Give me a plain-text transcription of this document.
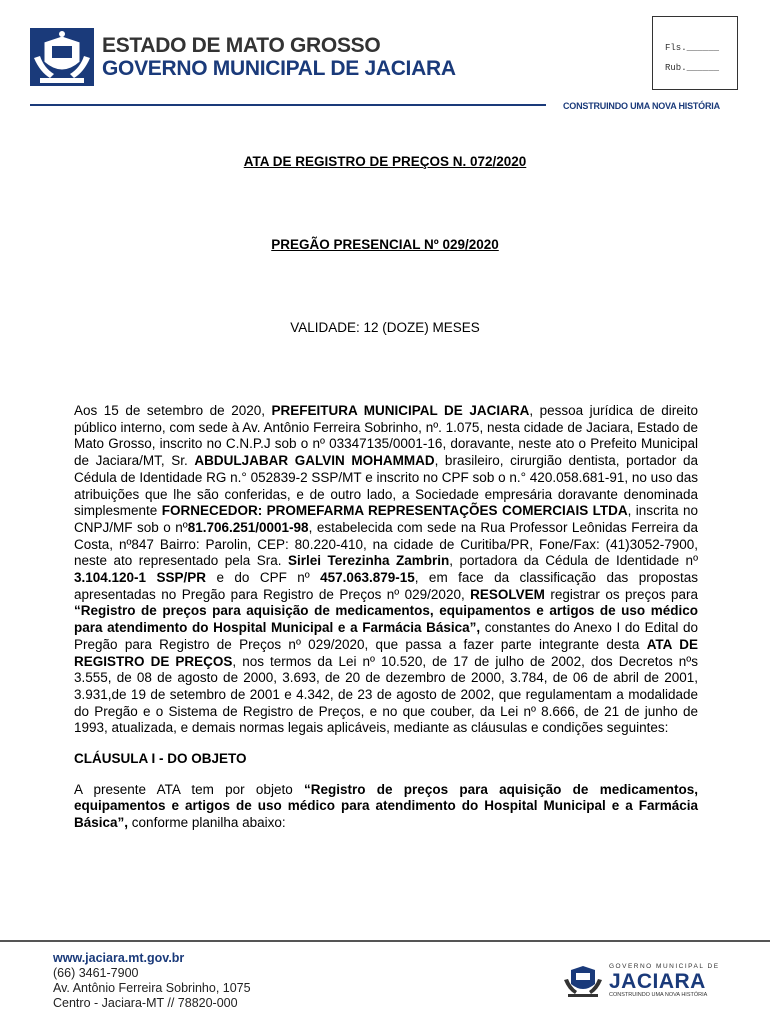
ESTADO DE MATO GROSSO
GOVERNO MUNICIPAL DE JACIARA
Fls.______
Rub.______
CONSTRUINDO UMA NOVA HISTÓRIA
ATA DE REGISTRO DE PREÇOS N. 072/2020
PREGÃO PRESENCIAL Nº 029/2020
VALIDADE: 12 (DOZE) MESES

Aos 15 de setembro de 2020, PREFEITURA MUNICIPAL DE JACIARA, pessoa jurídica de direito público interno, com sede à Av. Antônio Ferreira Sobrinho, nº. 1.075, nesta cidade de Jaciara, Estado de Mato Grosso, inscrito no C.N.P.J sob o nº 03347135/0001-16, doravante, neste ato o Prefeito Municipal de Jaciara/MT, Sr. ABDULJABAR GALVIN MOHAMMAD, brasileiro, cirurgião dentista, portador da Cédula de Identidade RG n.° 052839-2 SSP/MT e inscrito no CPF sob o n.° 420.058.681-91, no uso das atribuições que lhe são conferidas, e de outro lado, a Sociedade empresária doravante denominada simplesmente FORNECEDOR: PROMEFARMA REPRESENTAÇÕES COMERCIAIS LTDA, inscrita no CNPJ/MF sob o nº81.706.251/0001-98, estabelecida com sede na Rua Professor Leônidas Ferreira da Costa, nº847 Bairro: Parolin, CEP: 80.220-410, na cidade de Curitiba/PR, Fone/Fax: (41)3052-7900, neste ato representado pela Sra. Sirlei Terezinha Zambrin, portadora da Cédula de Identidade nº 3.104.120-1 SSP/PR e do CPF nº 457.063.879-15, em face da classificação das propostas apresentadas no Pregão para Registro de Preços nº 029/2020, RESOLVEM registrar os preços para “Registro de preços para aquisição de medicamentos, equipamentos e artigos de uso médico para atendimento do Hospital Municipal e a Farmácia Básica”, constantes do Anexo I do Edital do Pregão para Registro de Preços nº 029/2020, que passa a fazer parte integrante desta ATA DE REGISTRO DE PREÇOS, nos termos da Lei nº 10.520, de 17 de julho de 2002, dos Decretos nºs 3.555, de 08 de agosto de 2000, 3.693, de 20 de dezembro de 2000, 3.784, de 06 de abril de 2001, 3.931,de 19 de setembro de 2001 e 4.342, de 23 de agosto de 2002, que regulamentam a modalidade do Pregão e o Sistema de Registro de Preços, e no que couber, da Lei nº 8.666, de 21 de junho de 1993, atualizada, e demais normas legais aplicáveis, mediante as cláusulas e condições seguintes:

CLÁUSULA I - DO OBJETO

A presente ATA tem por objeto “Registro de preços para aquisição de medicamentos, equipamentos e artigos de uso médico para atendimento do Hospital Municipal e a Farmácia Básica”, conforme planilha abaixo:

www.jaciara.mt.gov.br
(66) 3461-7900
Av. Antônio Ferreira Sobrinho, 1075
Centro - Jaciara-MT // 78820-000
GOVERNO MUNICIPAL DE
JACIARA
CONSTRUINDO UMA NOVA HISTÓRIA
